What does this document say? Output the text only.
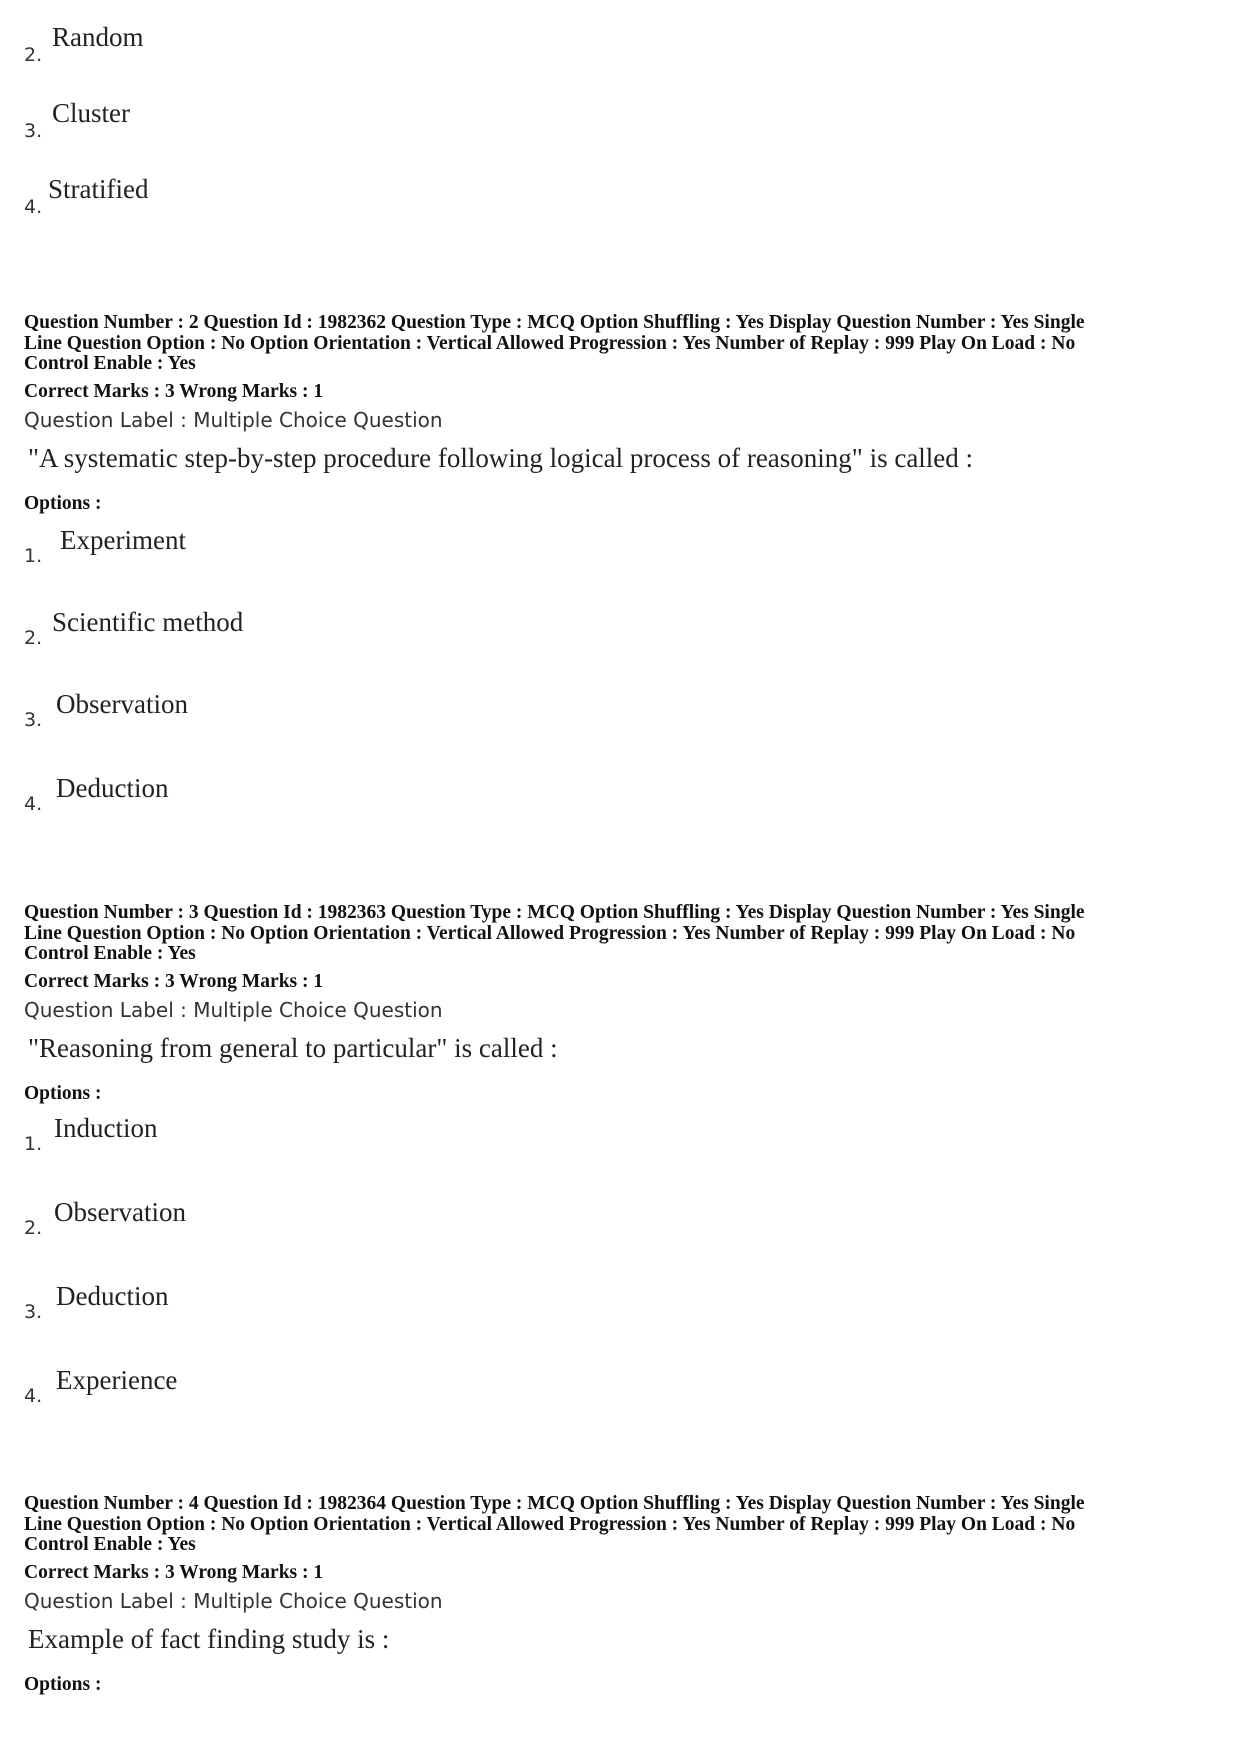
2.
Random
3.
Cluster
4.
Stratified
Question Number : 2 Question Id : 1982362 Question Type : MCQ Option Shuffling : Yes Display Question Number : Yes Single
Line Question Option : No Option Orientation : Vertical Allowed Progression : Yes Number of Replay : 999 Play On Load : No
Control Enable : Yes
Correct Marks : 3 Wrong Marks : 1
Question Label : Multiple Choice Question
"A systematic step-by-step procedure following logical process of reasoning" is called :
Options :
1.
Experiment
2.
Scientific method
3.
Observation
4.
Deduction
Question Number : 3 Question Id : 1982363 Question Type : MCQ Option Shuffling : Yes Display Question Number : Yes Single
Line Question Option : No Option Orientation : Vertical Allowed Progression : Yes Number of Replay : 999 Play On Load : No
Control Enable : Yes
Correct Marks : 3 Wrong Marks : 1
Question Label : Multiple Choice Question
"Reasoning from general to particular" is called :
Options :
1.
Induction
2.
Observation
3.
Deduction
4.
Experience
Question Number : 4 Question Id : 1982364 Question Type : MCQ Option Shuffling : Yes Display Question Number : Yes Single
Line Question Option : No Option Orientation : Vertical Allowed Progression : Yes Number of Replay : 999 Play On Load : No
Control Enable : Yes
Correct Marks : 3 Wrong Marks : 1
Question Label : Multiple Choice Question
Example of fact finding study is :
Options :
